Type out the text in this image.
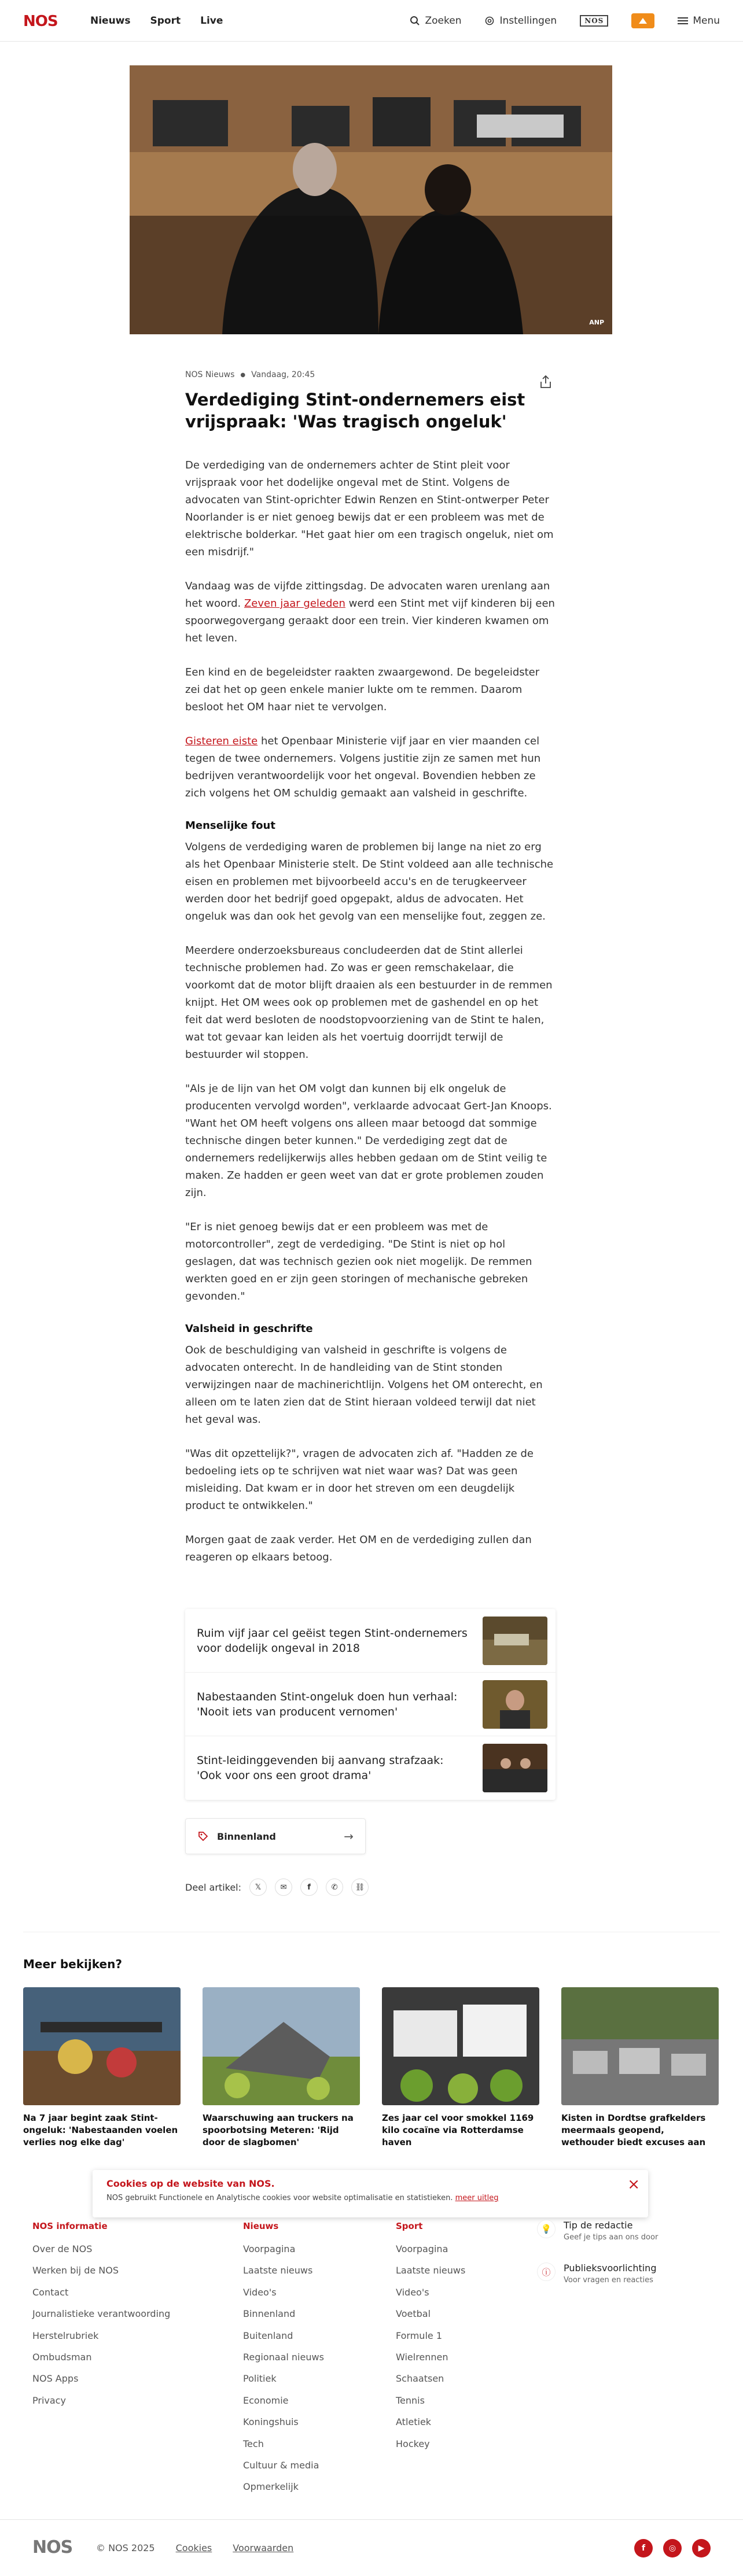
NOS	Nieuws Sport Live	Zoeken	Instellingen	NOS	Menu
ANP
NOS Nieuws ● Vandaag, 20:45
Verdediging Stint-ondernemers eist vrijspraak: 'Was tragisch ongeluk'

De verdediging van de ondernemers achter de Stint pleit voor vrijspraak voor het dodelijke ongeval met de Stint. Volgens de advocaten van Stint-oprichter Edwin Renzen en Stint-ontwerper Peter Noorlander is er niet genoeg bewijs dat er een probleem was met de elektrische bolderkar. "Het gaat hier om een tragisch ongeluk, niet om een misdrijf."

Vandaag was de vijfde zittingsdag. De advocaten waren urenlang aan het woord. Zeven jaar geleden werd een Stint met vijf kinderen bij een spoorwegovergang geraakt door een trein. Vier kinderen kwamen om het leven.

Een kind en de begeleidster raakten zwaargewond. De begeleidster zei dat het op geen enkele manier lukte om te remmen. Daarom besloot het OM haar niet te vervolgen.

Gisteren eiste het Openbaar Ministerie vijf jaar en vier maanden cel tegen de twee ondernemers. Volgens justitie zijn ze samen met hun bedrijven verantwoordelijk voor het ongeval. Bovendien hebben ze zich volgens het OM schuldig gemaakt aan valsheid in geschrifte.

Menselijke fout

Volgens de verdediging waren de problemen bij lange na niet zo erg als het Openbaar Ministerie stelt. De Stint voldeed aan alle technische eisen en problemen met bijvoorbeeld accu's en de terugkeerveer werden door het bedrijf goed opgepakt, aldus de advocaten. Het ongeluk was dan ook het gevolg van een menselijke fout, zeggen ze.

Meerdere onderzoeksbureaus concludeerden dat de Stint allerlei technische problemen had. Zo was er geen remschakelaar, die voorkomt dat de motor blijft draaien als een bestuurder in de remmen knijpt. Het OM wees ook op problemen met de gashendel en op het feit dat werd besloten de noodstopvoorziening van de Stint te halen, wat tot gevaar kan leiden als het voertuig doorrijdt terwijl de bestuurder wil stoppen.

"Als je de lijn van het OM volgt dan kunnen bij elk ongeluk de producenten vervolgd worden", verklaarde advocaat Gert-Jan Knoops. "Want het OM heeft volgens ons alleen maar betoogd dat sommige technische dingen beter kunnen." De verdediging zegt dat de ondernemers redelijkerwijs alles hebben gedaan om de Stint veilig te maken. Ze hadden er geen weet van dat er grote problemen zouden zijn.

"Er is niet genoeg bewijs dat er een probleem was met de motorcontroller", zegt de verdediging. "De Stint is niet op hol geslagen, dat was technisch gezien ook niet mogelijk. De remmen werkten goed en er zijn geen storingen of mechanische gebreken gevonden."

Valsheid in geschrifte

Ook de beschuldiging van valsheid in geschrifte is volgens de advocaten onterecht. In de handleiding van de Stint stonden verwijzingen naar de machinerichtlijn. Volgens het OM onterecht, en alleen om te laten zien dat de Stint hieraan voldeed terwijl dat niet het geval was.

"Was dit opzettelijk?", vragen de advocaten zich af. "Hadden ze de bedoeling iets op te schrijven wat niet waar was? Dat was geen misleiding. Dat kwam er in door het streven om een deugdelijk product te ontwikkelen."

Morgen gaat de zaak verder. Het OM en de verdediging zullen dan reageren op elkaars betoog.

Ruim vijf jaar cel geëist tegen Stint-ondernemers voor dodelijk ongeval in 2018
Nabestaanden Stint-ongeluk doen hun verhaal: 'Nooit iets van producent vernomen'
Stint-leidinggevenden bij aanvang strafzaak: 'Ook voor ons een groot drama'
Binnenland	→
Deel artikel: 𝕏	✉	f	✆ ⛓
Meer bekijken?
Na 7 jaar begint zaak Stint-ongeluk: 'Nabestaanden voelen verlies nog elke dag'
Waarschuwing aan truckers na spoorbotsing Meteren: 'Rijd door de slagbomen'
Zes jaar cel voor smokkel 1169 kilo cocaïne via Rotterdamse haven
Kisten in Dordtse grafkelders meermaals geopend, wethouder biedt excuses aan
Cookies op de website van NOS.
NOS gebruikt Functionele en Analytische cookies voor website optimalisatie en statistieken. meer uitleg
×
NOS informatie
Over de NOS
Werken bij de NOS
Contact
Journalistieke verantwoording
Herstelrubriek
Ombudsman
NOS Apps
Privacy
Nieuws
Voorpagina
Laatste nieuws
Video's
Binnenland
Buitenland
Regionaal nieuws
Politiek
Economie
Koningshuis
Tech
Cultuur & media
Opmerkelijk
Sport
Voorpagina
Laatste nieuws
Video's
Voetbal
Formule 1
Wielrennen
Schaatsen
Tennis
Atletiek
Hockey
💡	Tip de redactie
Geef je tips aan ons door
ⓘ	Publieksvoorlichting
Voor vragen en reacties
NOS	© NOS 2025 Cookies Voorwaarden	f	◎	▶
